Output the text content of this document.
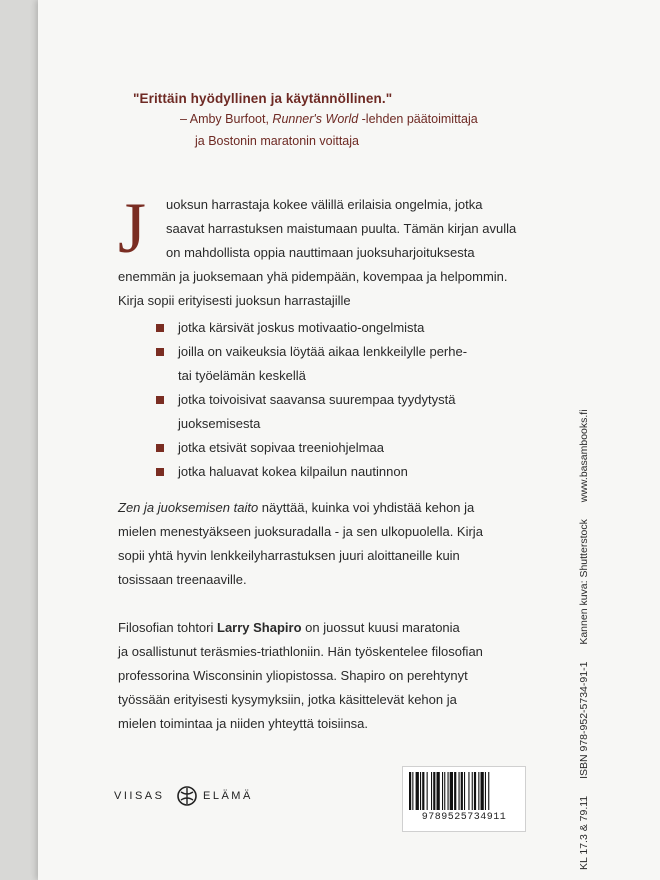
"Erittäin hyödyllinen ja käytännöllinen."
– Amby Burfoot, Runner's World -lehden päätoimittaja
ja Bostonin maratonin voittaja
J uoksun harrastaja kokee välillä erilaisia ongelmia, jotka

saavat harrastuksen maistumaan puulta. Tämän kirjan avulla

on mahdollista oppia nauttimaan juoksuharjoituksesta

enemmän ja juoksemaan yhä pidempään, kovempaa ja helpommin.

Kirja sopii erityisesti juoksun harrastajille

jotka kärsivät joskus motivaatio-ongelmista

joilla on vaikeuksia löytää aikaa lenkkeilylle perhe-

tai työelämän keskellä

jotka toivoisivat saavansa suurempaa tyydytystä

juoksemisesta

jotka etsivät sopivaa treeniohjelmaa

jotka haluavat kokea kilpailun nautinnon

Zen ja juoksemisen taito näyttää, kuinka voi yhdistää kehon ja

mielen menestyäkseen juoksuradalla - ja sen ulkopuolella. Kirja

sopii yhtä hyvin lenkkeilyharrastuksen juuri aloittaneille kuin

tosissaan treenaaville.

Filosofian tohtori Larry Shapiro on juossut kuusi maratonia

ja osallistunut teräsmies-triathloniin. Hän työskentelee filosofian

professorina Wisconsinin yliopistossa. Shapiro on perehtynyt

työssään erityisesti kysymyksiin, jotka käsittelevät kehon ja

mielen toimintaa ja niiden yhteyttä toisiinsa.

VIISAS	ELÄMÄ
9789525734911	KL 17.3 & 79.11 ISBN 978-952-5734-91-1 Kannen kuva: Shutterstock www.basambooks.fi
